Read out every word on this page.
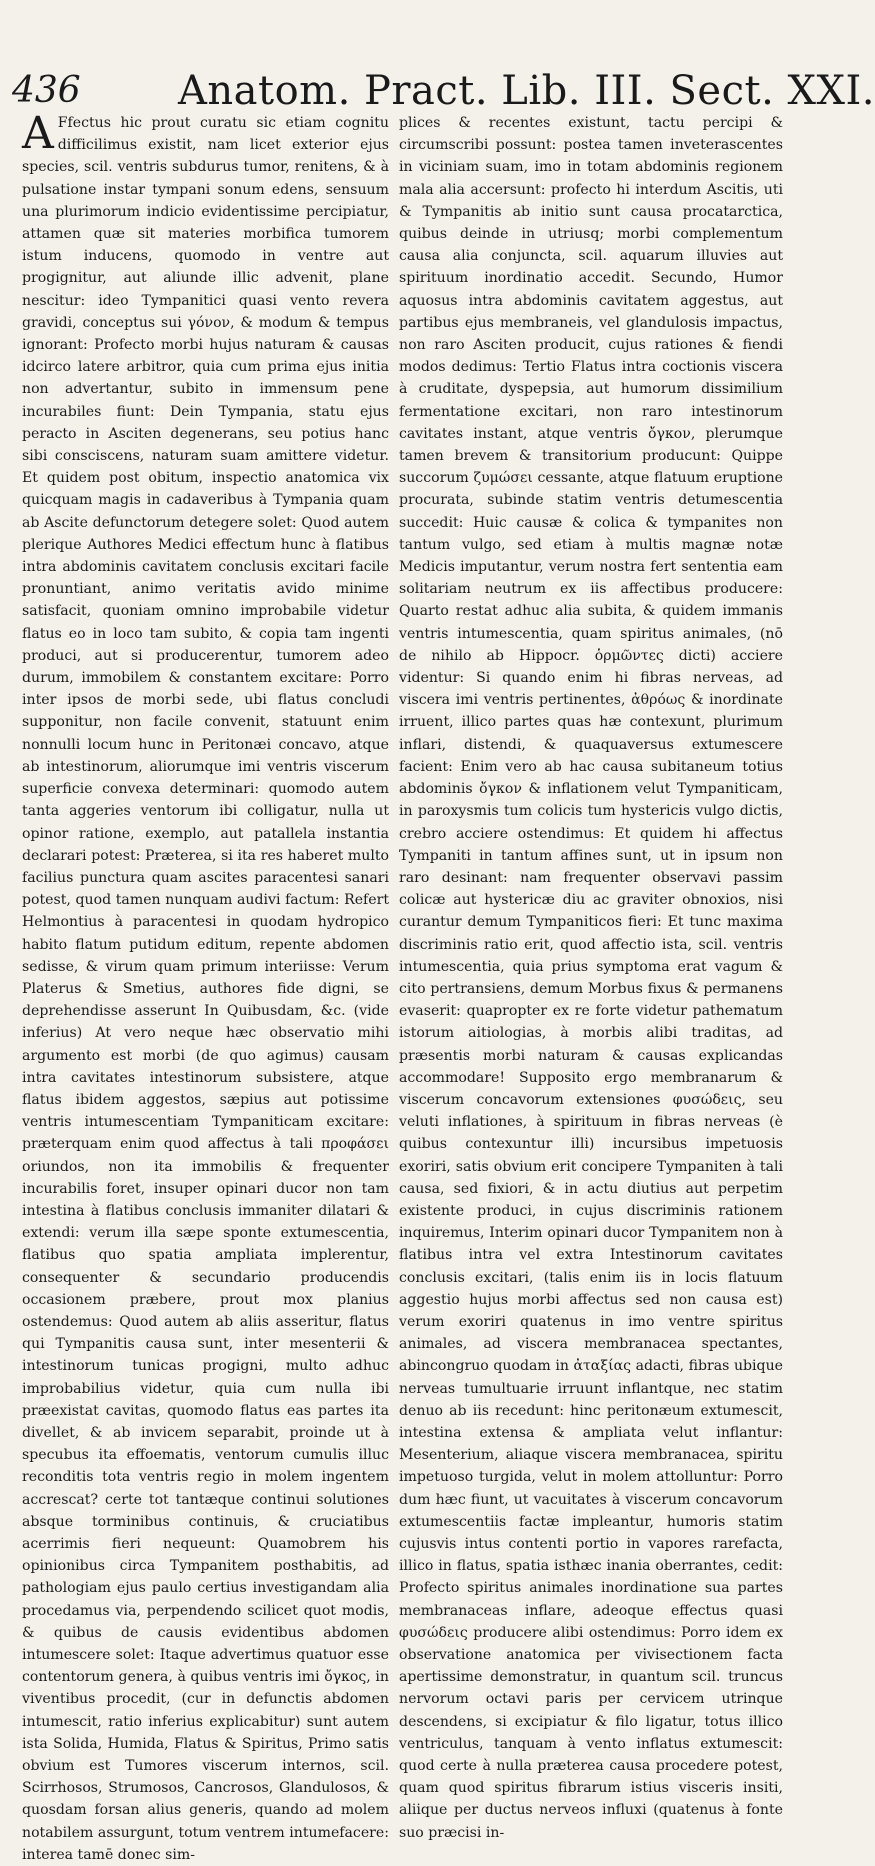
436 Anatom. Pract. Lib. III. Sect. XXI.

A Ffectus hic prout curatu sic etiam cognitu difficilimus existit, nam licet exterior ejus species, scil. ventris subdurus tumor, renitens, & à pulsatione instar tympani sonum edens, sensuum una plurimorum indicio evidentissime percipiatur, attamen quæ sit materies morbifica tumorem istum inducens, quomodo in ventre aut progignitur, aut aliunde illic advenit, plane nescitur: ideo Tympanitici quasi vento revera gravidi, conceptus sui γόνον, & modum & tempus ignorant: Profecto morbi hujus naturam & causas idcirco latere arbitror, quia cum prima ejus initia non advertantur, subito in immensum pene incurabiles fiunt: Dein Tympania, statu ejus peracto in Asciten degenerans, seu potius hanc sibi consciscens, naturam suam amittere videtur. Et quidem post obitum, inspectio anatomica vix quicquam magis in cadaveribus à Tympania quam ab Ascite defunctorum detegere solet: Quod autem plerique Authores Medici effectum hunc à flatibus intra abdominis cavitatem conclusis excitari facile pronuntiant, animo veritatis avido minime satisfacit, quoniam omnino improbabile videtur flatus eo in loco tam subito, & copia tam ingenti produci, aut si producerentur, tumorem adeo durum, immobilem & constantem excitare: Porro inter ipsos de morbi sede, ubi flatus concludi supponitur, non facile convenit, statuunt enim nonnulli locum hunc in Peritonæi concavo, atque ab intestinorum, aliorumque imi ventris viscerum superficie convexa determinari: quomodo autem tanta aggeries ventorum ibi colligatur, nulla ut opinor ratione, exemplo, aut patallela instantia declarari potest: Præterea, si ita res haberet multo facilius punctura quam ascites paracentesi sanari potest, quod tamen nunquam audivi factum: Refert Helmontius à paracentesi in quodam hydropico habito flatum putidum editum, repente abdomen sedisse, & virum quam primum interiisse: Verum Platerus & Smetius, authores fide digni, se deprehendisse asserunt In Quibusdam, &c. (vide inferius) At vero neque hæc observatio mihi argumento est morbi (de quo agimus) causam intra cavitates intestinorum subsistere, atque flatus ibidem aggestos, sæpius aut potissime ventris intumescentiam Tympaniticam excitare: præterquam enim quod affectus à tali προφάσει oriundos, non ita immobilis & frequenter incurabilis foret, insuper opinari ducor non tam intestina à flatibus conclusis immaniter dilatari & extendi: verum illa sæpe sponte extumescentia, flatibus quo spatia ampliata implerentur, consequenter & secundario producendis occasionem præbere, prout mox planius ostendemus: Quod autem ab aliis asseritur, flatus qui Tympanitis causa sunt, inter mesenterii & intestinorum tunicas progigni, multo adhuc improbabilius videtur, quia cum nulla ibi præexistat cavitas, quomodo flatus eas partes ita divellet, & ab invicem separabit, proinde ut à specubus ita effoematis, ventorum cumulis illuc reconditis tota ventris regio in molem ingentem accrescat? certe tot tantæque continui solutiones absque torminibus continuis, & cruciatibus acerrimis fieri nequeunt: Quamobrem his opinionibus circa Tympanitem posthabitis, ad pathologiam ejus paulo certius investigandam alia procedamus via, perpendendo scilicet quot modis, & quibus de causis evidentibus abdomen intumescere solet: Itaque advertimus quatuor esse contentorum genera, à quibus ventris imi ὄγκος, in viventibus procedit, (cur in defunctis abdomen intumescit, ratio inferius explicabitur) sunt autem ista Solida, Humida, Flatus & Spiritus, Primo satis obvium est Tumores viscerum internos, scil. Scirrhosos, Strumosos, Cancrosos, Glandulosos, & quosdam forsan alius generis, quando ad molem notabilem assurgunt, totum ventrem intumefacere: interea tamē donec sim-

plices & recentes existunt, tactu percipi & circumscribi possunt: postea tamen inveterascentes in viciniam suam, imo in totam abdominis regionem mala alia accersunt: profecto hi interdum Ascitis, uti & Tympanitis ab initio sunt causa procatarctica, quibus deinde in utriusq; morbi complementum causa alia conjuncta, scil. aquarum illuvies aut spirituum inordinatio accedit. Secundo, Humor aquosus intra abdominis cavitatem aggestus, aut partibus ejus membraneis, vel glandulosis impactus, non raro Asciten producit, cujus rationes & fiendi modos dedimus: Tertio Flatus intra coctionis viscera à cruditate, dyspepsia, aut humorum dissimilium fermentatione excitari, non raro intestinorum cavitates instant, atque ventris ὄγκον, plerumque tamen brevem & transitorium producunt: Quippe succorum ζυμώσει cessante, atque flatuum eruptione procurata, subinde statim ventris detumescentia succedit: Huic causæ & colica & tympanites non tantum vulgo, sed etiam à multis magnæ notæ Medicis imputantur, verum nostra fert sententia eam solitariam neutrum ex iis affectibus producere: Quarto restat adhuc alia subita, & quidem immanis ventris intumescentia, quam spiritus animales, (nō de nihilo ab Hippocr. ὁρμῶντες dicti) acciere videntur: Si quando enim hi fibras nerveas, ad viscera imi ventris pertinentes, ἀθρόως & inordinate irruent, illico partes quas hæ contexunt, plurimum inflari, distendi, & quaquaversus extumescere facient: Enim vero ab hac causa subitaneum totius abdominis ὄγκον & inflationem velut Tympaniticam, in paroxysmis tum colicis tum hystericis vulgo dictis, crebro acciere ostendimus: Et quidem hi affectus Tympaniti in tantum affines sunt, ut in ipsum non raro desinant: nam frequenter observavi passim colicæ aut hystericæ diu ac graviter obnoxios, nisi curantur demum Tympaniticos fieri: Et tunc maxima discriminis ratio erit, quod affectio ista, scil. ventris intumescentia, quia prius symptoma erat vagum & cito pertransiens, demum Morbus fixus & permanens evaserit: quapropter ex re forte videtur pathematum istorum aitiologias, à morbis alibi traditas, ad præsentis morbi naturam & causas explicandas accommodare! Supposito ergo membranarum & viscerum concavorum extensiones φυσώδεις, seu veluti inflationes, à spirituum in fibras nerveas (è quibus contexuntur illi) incursibus impetuosis exoriri, satis obvium erit concipere Tympaniten à tali causa, sed fixiori, & in actu diutius aut perpetim existente produci, in cujus discriminis rationem inquiremus, Interim opinari ducor Tympanitem non à flatibus intra vel extra Intestinorum cavitates conclusis excitari, (talis enim iis in locis flatuum aggestio hujus morbi affectus sed non causa est) verum exoriri quatenus in imo ventre spiritus animales, ad viscera membranacea spectantes, abincongruo quodam in ἀταξίας adacti, fibras ubique nerveas tumultuarie irruunt inflantque, nec statim denuo ab iis recedunt: hinc peritonæum extumescit, intestina extensa & ampliata velut inflantur: Mesenterium, aliaque viscera membranacea, spiritu impetuoso turgida, velut in molem attolluntur: Porro dum hæc fiunt, ut vacuitates à viscerum concavorum extumescentiis factæ impleantur, humoris statim cujusvis intus contenti portio in vapores rarefacta, illico in flatus, spatia isthæc inania oberrantes, cedit: Profecto spiritus animales inordinatione sua partes membranaceas inflare, adeoque effectus quasi φυσώδεις producere alibi ostendimus: Porro idem ex observatione anatomica per vivisectionem facta apertissime demonstratur, in quantum scil. truncus nervorum octavi paris per cervicem utrinque descendens, si excipiatur & filo ligatur, totus illico ventriculus, tanquam à vento inflatus extumescit: quod certe à nulla præterea causa procedere potest, quam quod spiritus fibrarum istius visceris insiti, aliique per ductus nerveos influxi (quatenus à fonte suo præcisi in-
